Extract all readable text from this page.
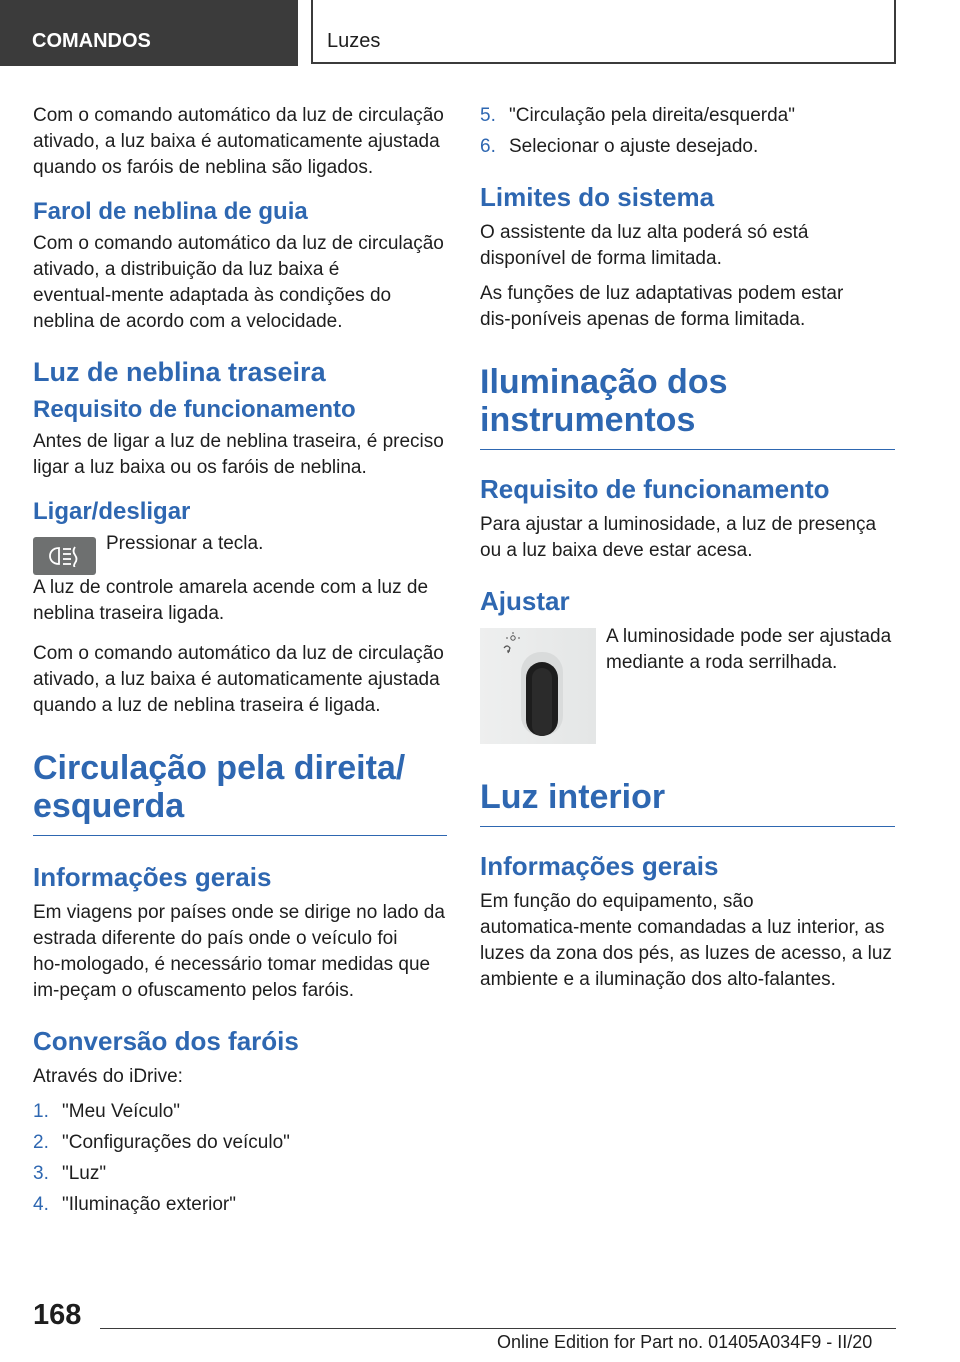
COMANDOS	Luzes

Com o comando automático da luz de circulação ativado, a luz baixa é automaticamente ajustada quando os faróis de neblina são ligados.

Farol de neblina de guia

Com o comando automático da luz de circulação ativado, a distribuição da luz baixa é eventual‑mente adaptada às condições do neblina de acordo com a velocidade.

Luz de neblina traseira
Requisito de funcionamento

Antes de ligar a luz de neblina traseira, é preciso ligar a luz baixa ou os faróis de neblina.

Ligar/desligar

Pressionar a tecla.

A luz de controle amarela acende com a luz de neblina traseira ligada.

Com o comando automático da luz de circulação ativado, a luz baixa é automaticamente ajustada quando a luz de neblina traseira é ligada.

Circulação pela direita/ esquerda
Informações gerais

Em viagens por países onde se dirige no lado da estrada diferente do país onde o veículo foi ho‑mologado, é necessário tomar medidas que im‑peçam o ofuscamento pelos faróis.

Conversão dos faróis

Através do iDrive:

1. "Meu Veículo"
2. "Configurações do veículo"
3. "Luz"
4. "Iluminação exterior"
5. "Circulação pela direita/esquerda"
6. Selecionar o ajuste desejado.
Limites do sistema

O assistente da luz alta poderá só está disponível de forma limitada.

As funções de luz adaptativas podem estar dis‑poníveis apenas de forma limitada.

Iluminação dos instrumentos
Requisito de funcionamento

Para ajustar a luminosidade, a luz de presença ou a luz baixa deve estar acesa.

Ajustar

A luminosidade pode ser ajustada mediante a roda serrilhada.

Luz interior
Informações gerais

Em função do equipamento, são automatica‑mente comandadas a luz interior, as luzes da zona dos pés, as luzes de acesso, a luz ambiente e a iluminação dos alto‑falantes.

168
Online Edition for Part no. 01405A034F9 - II/20
